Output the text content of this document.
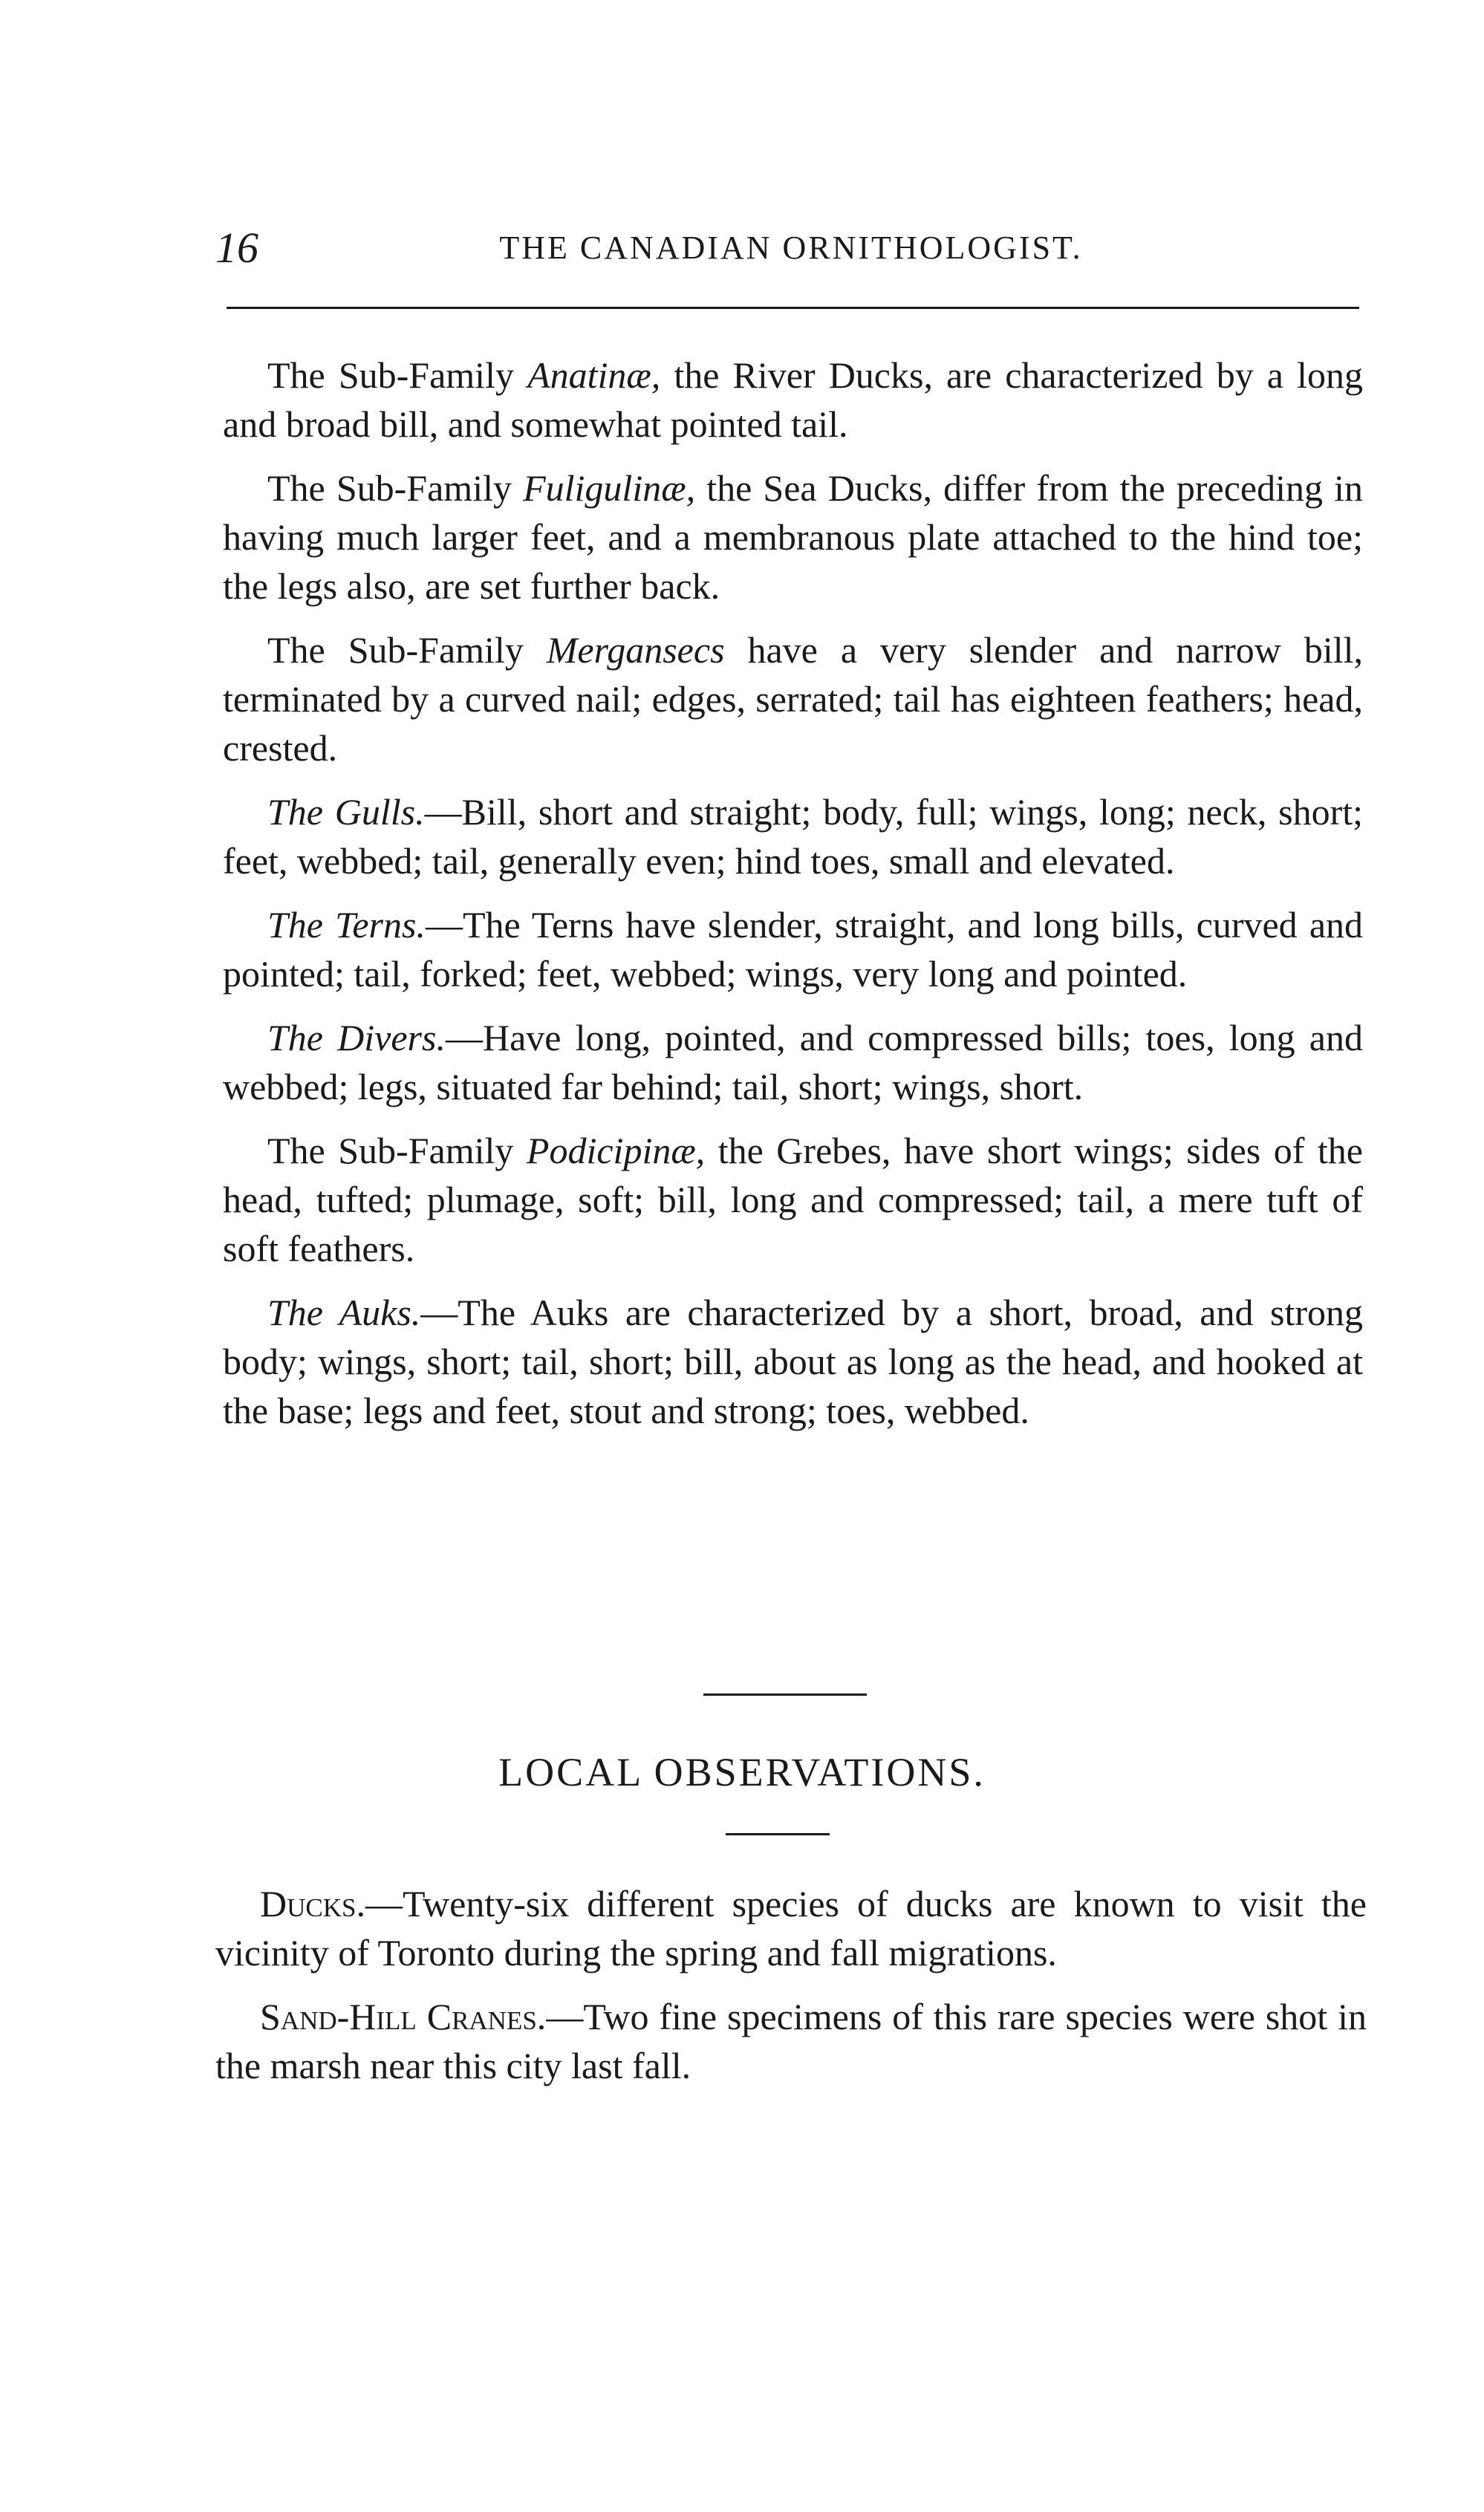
16	THE CANADIAN ORNITHOLOGIST.

The Sub-Family Anatinæ, the River Ducks, are characterized by a long and broad bill, and somewhat pointed tail.

The Sub-Family Fuligulinæ, the Sea Ducks, differ from the preceding in having much larger feet, and a membranous plate attached to the hind toe; the legs also, are set further back.

The Sub-Family Mergansecs have a very slender and narrow bill, terminated by a curved nail; edges, serrated; tail has eighteen feathers; head, crested.

The Gulls.—Bill, short and straight; body, full; wings, long; neck, short; feet, webbed; tail, generally even; hind toes, small and elevated.

The Terns.—The Terns have slender, straight, and long bills, curved and pointed; tail, forked; feet, webbed; wings, very long and pointed.

The Divers.—Have long, pointed, and compressed bills; toes, long and webbed; legs, situated far behind; tail, short; wings, short.

The Sub-Family Podicipinæ, the Grebes, have short wings; sides of the head, tufted; plumage, soft; bill, long and compressed; tail, a mere tuft of soft feathers.

The Auks.—The Auks are characterized by a short, broad, and strong body; wings, short; tail, short; bill, about as long as the head, and hooked at the base; legs and feet, stout and strong; toes, webbed.

LOCAL OBSERVATIONS.

Ducks.—Twenty-six different species of ducks are known to visit the vicinity of Toronto during the spring and fall migrations.

Sand-Hill Cranes.—Two fine specimens of this rare species were shot in the marsh near this city last fall.
